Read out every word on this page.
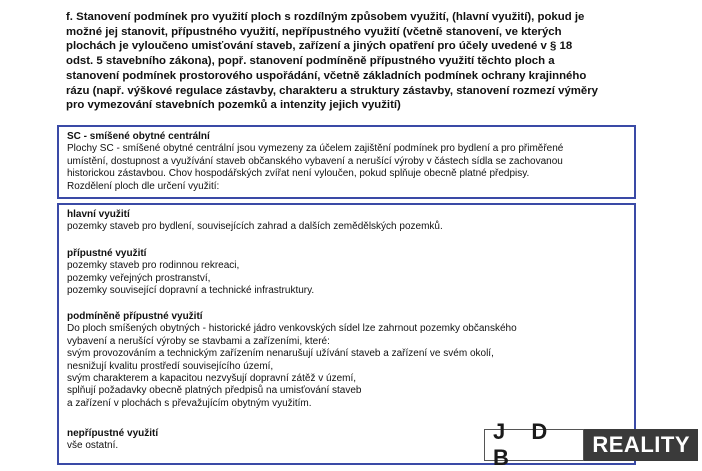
f. Stanovení podmínek pro využití ploch s rozdílným způsobem využití, (hlavní využití), pokud je
možné jej stanovit, přípustného využití, nepřípustného využití (včetně stanovení, ve kterých
plochách je vyloučeno umisťování staveb, zařízení a jiných opatření pro účely uvedené v § 18
odst. 5 stavebního zákona), popř. stanovení podmíněně přípustného využití těchto ploch a
stanovení podmínek prostorového uspořádání, včetně základních podmínek ochrany krajinného
rázu (např. výškové regulace zástavby, charakteru a struktury zástavby, stanovení rozmezí výměry
pro vymezování stavebních pozemků a intenzity jejich využití)
SC - smíšené obytné centrální
Plochy SC - smíšené obytné centrální jsou vymezeny za účelem zajištění podmínek pro bydlení a pro přiměřené
umístění, dostupnost a využívání staveb občanského vybavení a nerušící výroby v částech sídla se zachovanou
historickou zástavbou. Chov hospodářských zvířat není vyloučen, pokud splňuje obecně platné předpisy.
Rozdělení ploch dle určení využití:
hlavní využití
pozemky staveb pro bydlení, souvisejících zahrad a dalších zemědělských pozemků.
přípustné využití
pozemky staveb pro rodinnou rekreaci,
pozemky veřejných prostranství,
pozemky související dopravní a technické infrastruktury.
podmíněně přípustné využití
Do ploch smíšených obytných - historické jádro venkovských sídel lze zahrnout pozemky občanského
vybavení a nerušící výroby se stavbami a zařízeními, které:
svým provozováním a technickým zařízením nenarušují užívání staveb a zařízení ve svém okolí,
nesnižují kvalitu prostředí souvisejícího území,
svým charakterem a kapacitou nezvyšují dopravní zátěž v území,
splňují požadavky obecně platných předpisů na umisťování staveb
a zařízení v plochách s převažujícím obytným využitím.
nepřípustné využití
vše ostatní.
J D B
REALITY
